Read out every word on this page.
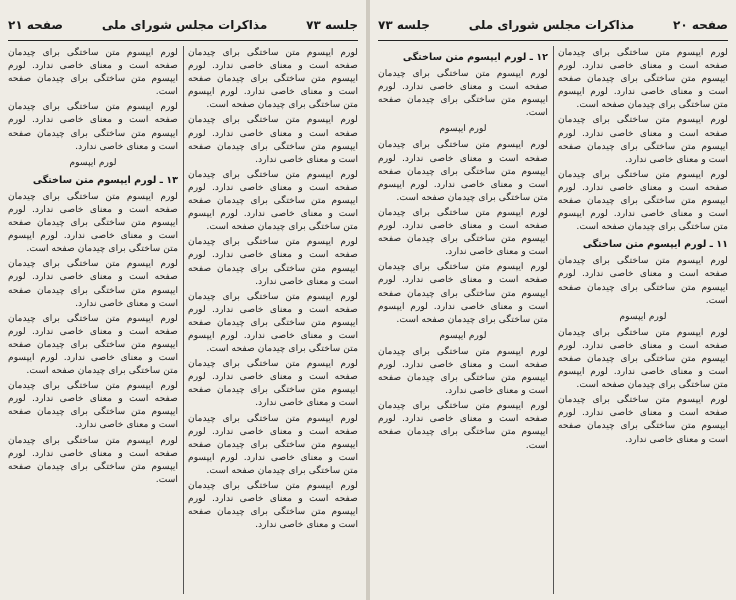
جلسه ۷۳
مذاکرات مجلس شورای ملی
صفحه ۲۱

لورم ایپسوم متن ساختگی برای چیدمان صفحه است و معنای خاصی ندارد. لورم ایپسوم متن ساختگی برای چیدمان صفحه است و معنای خاصی ندارد. لورم ایپسوم متن ساختگی برای چیدمان صفحه است.

لورم ایپسوم متن ساختگی برای چیدمان صفحه است و معنای خاصی ندارد. لورم ایپسوم متن ساختگی برای چیدمان صفحه است و معنای خاصی ندارد.

لورم ایپسوم متن ساختگی برای چیدمان صفحه است و معنای خاصی ندارد. لورم ایپسوم متن ساختگی برای چیدمان صفحه است و معنای خاصی ندارد. لورم ایپسوم متن ساختگی برای چیدمان صفحه است.

لورم ایپسوم متن ساختگی برای چیدمان صفحه است و معنای خاصی ندارد. لورم ایپسوم متن ساختگی برای چیدمان صفحه است و معنای خاصی ندارد.

لورم ایپسوم متن ساختگی برای چیدمان صفحه است و معنای خاصی ندارد. لورم ایپسوم متن ساختگی برای چیدمان صفحه است و معنای خاصی ندارد. لورم ایپسوم متن ساختگی برای چیدمان صفحه است.

لورم ایپسوم متن ساختگی برای چیدمان صفحه است و معنای خاصی ندارد. لورم ایپسوم متن ساختگی برای چیدمان صفحه است و معنای خاصی ندارد.

لورم ایپسوم متن ساختگی برای چیدمان صفحه است و معنای خاصی ندارد. لورم ایپسوم متن ساختگی برای چیدمان صفحه است و معنای خاصی ندارد. لورم ایپسوم متن ساختگی برای چیدمان صفحه است.

لورم ایپسوم متن ساختگی برای چیدمان صفحه است و معنای خاصی ندارد. لورم ایپسوم متن ساختگی برای چیدمان صفحه است و معنای خاصی ندارد.

لورم ایپسوم متن ساختگی برای چیدمان صفحه است و معنای خاصی ندارد. لورم ایپسوم متن ساختگی برای چیدمان صفحه است.

لورم ایپسوم متن ساختگی برای چیدمان صفحه است و معنای خاصی ندارد. لورم ایپسوم متن ساختگی برای چیدمان صفحه است و معنای خاصی ندارد.

لورم ایپسوم
۱۳ ـ لورم ایپسوم متن ساختگی

لورم ایپسوم متن ساختگی برای چیدمان صفحه است و معنای خاصی ندارد. لورم ایپسوم متن ساختگی برای چیدمان صفحه است و معنای خاصی ندارد. لورم ایپسوم متن ساختگی برای چیدمان صفحه است.

لورم ایپسوم متن ساختگی برای چیدمان صفحه است و معنای خاصی ندارد. لورم ایپسوم متن ساختگی برای چیدمان صفحه است و معنای خاصی ندارد.

لورم ایپسوم متن ساختگی برای چیدمان صفحه است و معنای خاصی ندارد. لورم ایپسوم متن ساختگی برای چیدمان صفحه است و معنای خاصی ندارد. لورم ایپسوم متن ساختگی برای چیدمان صفحه است.

لورم ایپسوم متن ساختگی برای چیدمان صفحه است و معنای خاصی ندارد. لورم ایپسوم متن ساختگی برای چیدمان صفحه است و معنای خاصی ندارد.

لورم ایپسوم متن ساختگی برای چیدمان صفحه است و معنای خاصی ندارد. لورم ایپسوم متن ساختگی برای چیدمان صفحه است.

صفحه ۲۰
مذاکرات مجلس شورای ملی
جلسه ۷۳

لورم ایپسوم متن ساختگی برای چیدمان صفحه است و معنای خاصی ندارد. لورم ایپسوم متن ساختگی برای چیدمان صفحه است و معنای خاصی ندارد. لورم ایپسوم متن ساختگی برای چیدمان صفحه است.

لورم ایپسوم متن ساختگی برای چیدمان صفحه است و معنای خاصی ندارد. لورم ایپسوم متن ساختگی برای چیدمان صفحه است و معنای خاصی ندارد.

لورم ایپسوم متن ساختگی برای چیدمان صفحه است و معنای خاصی ندارد. لورم ایپسوم متن ساختگی برای چیدمان صفحه است و معنای خاصی ندارد. لورم ایپسوم متن ساختگی برای چیدمان صفحه است.

۱۱ ـ لورم ایپسوم متن ساختگی

لورم ایپسوم متن ساختگی برای چیدمان صفحه است و معنای خاصی ندارد. لورم ایپسوم متن ساختگی برای چیدمان صفحه است.

لورم ایپسوم

لورم ایپسوم متن ساختگی برای چیدمان صفحه است و معنای خاصی ندارد. لورم ایپسوم متن ساختگی برای چیدمان صفحه است و معنای خاصی ندارد. لورم ایپسوم متن ساختگی برای چیدمان صفحه است.

لورم ایپسوم متن ساختگی برای چیدمان صفحه است و معنای خاصی ندارد. لورم ایپسوم متن ساختگی برای چیدمان صفحه است و معنای خاصی ندارد.

۱۲ ـ لورم ایپسوم متن ساختگی

لورم ایپسوم متن ساختگی برای چیدمان صفحه است و معنای خاصی ندارد. لورم ایپسوم متن ساختگی برای چیدمان صفحه است.

لورم ایپسوم

لورم ایپسوم متن ساختگی برای چیدمان صفحه است و معنای خاصی ندارد. لورم ایپسوم متن ساختگی برای چیدمان صفحه است و معنای خاصی ندارد. لورم ایپسوم متن ساختگی برای چیدمان صفحه است.

لورم ایپسوم متن ساختگی برای چیدمان صفحه است و معنای خاصی ندارد. لورم ایپسوم متن ساختگی برای چیدمان صفحه است و معنای خاصی ندارد.

لورم ایپسوم متن ساختگی برای چیدمان صفحه است و معنای خاصی ندارد. لورم ایپسوم متن ساختگی برای چیدمان صفحه است و معنای خاصی ندارد. لورم ایپسوم متن ساختگی برای چیدمان صفحه است.

لورم ایپسوم

لورم ایپسوم متن ساختگی برای چیدمان صفحه است و معنای خاصی ندارد. لورم ایپسوم متن ساختگی برای چیدمان صفحه است و معنای خاصی ندارد.

لورم ایپسوم متن ساختگی برای چیدمان صفحه است و معنای خاصی ندارد. لورم ایپسوم متن ساختگی برای چیدمان صفحه است.
